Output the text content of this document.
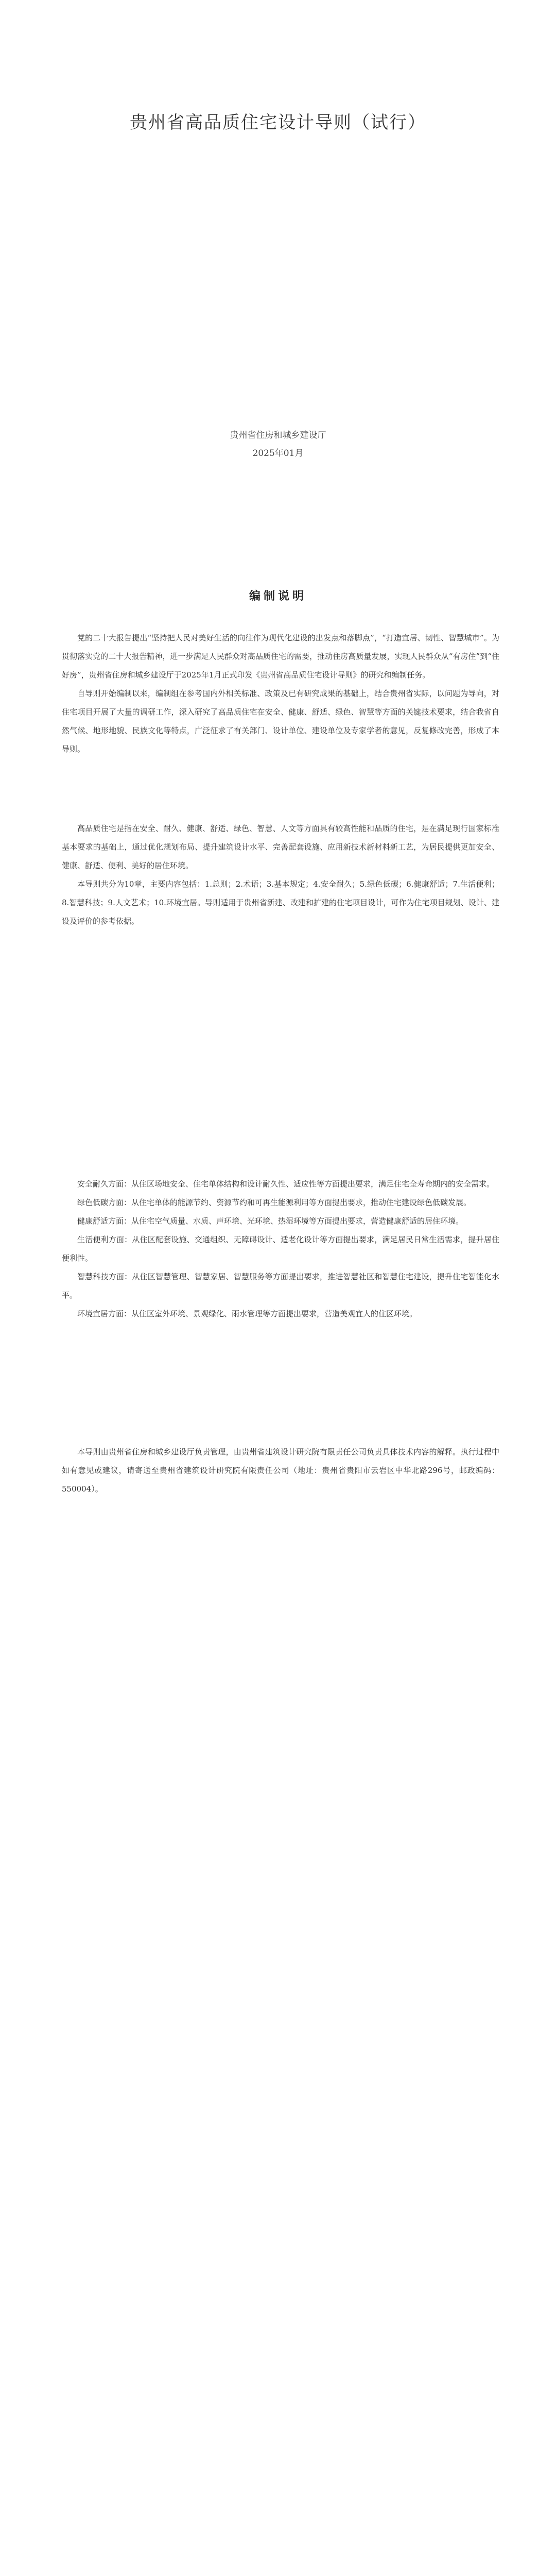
贵州省高品质住宅设计导则（试行）
贵州省住房和城乡建设厅
2025年01月
编制说明

党的二十大报告提出“坚持把人民对美好生活的向往作为现代化建设的出发点和落脚点”，“打造宜居、韧性、智慧城市”。为贯彻落实党的二十大报告精神，进一步满足人民群众对高品质住宅的需要，推动住房高质量发展，实现人民群众从“有房住”到“住好房”，贵州省住房和城乡建设厅于2025年1月正式印发《贵州省高品质住宅设计导则》的研究和编制任务。

自导则开始编制以来，编制组在参考国内外相关标准、政策及已有研究成果的基础上，结合贵州省实际，以问题为导向，对住宅项目开展了大量的调研工作，深入研究了高品质住宅在安全、健康、舒适、绿色、智慧等方面的关键技术要求，结合我省自然气候、地形地貌、民族文化等特点，广泛征求了有关部门、设计单位、建设单位及专家学者的意见，反复修改完善，形成了本导则。

高品质住宅是指在安全、耐久、健康、舒适、绿色、智慧、人文等方面具有较高性能和品质的住宅，是在满足现行国家标准基本要求的基础上，通过优化规划布局、提升建筑设计水平、完善配套设施、应用新技术新材料新工艺，为居民提供更加安全、健康、舒适、便利、美好的居住环境。

本导则共分为10章，主要内容包括：1.总则；2.术语；3.基本规定；4.安全耐久；5.绿色低碳；6.健康舒适；7.生活便利；8.智慧科技；9.人文艺术；10.环境宜居。导则适用于贵州省新建、改建和扩建的住宅项目设计，可作为住宅项目规划、设计、建设及评价的参考依据。

安全耐久方面：从住区场地安全、住宅单体结构和设计耐久性、适应性等方面提出要求，满足住宅全寿命期内的安全需求。

绿色低碳方面：从住宅单体的能源节约、资源节约和可再生能源利用等方面提出要求，推动住宅建设绿色低碳发展。

健康舒适方面：从住宅空气质量、水质、声环境、光环境、热湿环境等方面提出要求，营造健康舒适的居住环境。

生活便利方面：从住区配套设施、交通组织、无障碍设计、适老化设计等方面提出要求，满足居民日常生活需求，提升居住便利性。

智慧科技方面：从住区智慧管理、智慧家居、智慧服务等方面提出要求，推进智慧社区和智慧住宅建设，提升住宅智能化水平。

环境宜居方面：从住区室外环境、景观绿化、雨水管理等方面提出要求，营造美观宜人的住区环境。

本导则由贵州省住房和城乡建设厅负责管理，由贵州省建筑设计研究院有限责任公司负责具体技术内容的解释。执行过程中如有意见或建议，请寄送至贵州省建筑设计研究院有限责任公司（地址：贵州省贵阳市云岩区中华北路296号，邮政编码：550004）。
